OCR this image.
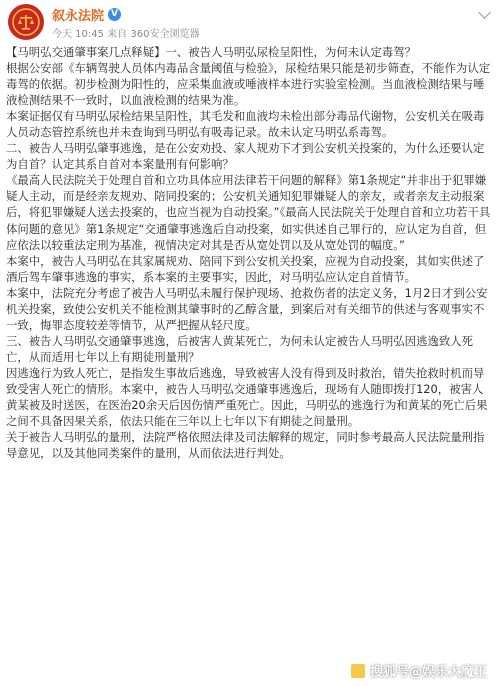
叙永法院 V
今天 10:45 来自 360安全浏览器

【马明弘交通肇事案几点释疑】一、被告人马明弘尿检呈阳性，为何未认定毒驾？

根据公安部《车辆驾驶人员体内毒品含量阈值与检验》，尿检结果只能是初步筛查，不能作为认定毒驾的依据。初步检测为阳性的，应采集血液或唾液样本进行实验室检测。当血液检测结果与唾液检测结果不一致时，以血液检测的结果为准。

本案证据仅有马明弘尿检结果呈阳性，其毛发和血液均未检出部分毒品代谢物，公安机关在吸毒人员动态管控系统也并未查询到马明弘有吸毒记录。故未认定马明弘系毒驾。

二、被告人马明弘肇事逃逸，是在公安劝投、家人规劝下才到公安机关投案的，为什么还要认定为自首？认定其系自首对本案量刑有何影响？

《最高人民法院关于处理自首和立功具体应用法律若干问题的解释》第1条规定“并非出于犯罪嫌疑人主动，而是经亲友规劝、陪同投案的；公安机关通知犯罪嫌疑人的亲友，或者亲友主动报案后，将犯罪嫌疑人送去投案的，也应当视为自动投案。”《最高人民法院关于处理自首和立功若干具体问题的意见》第1条规定“交通肇事逃逸后自动投案，如实供述自己罪行的，应认定为自首，但应依法以较重法定刑为基准，视情决定对其是否从宽处罚以及从宽处罚的幅度。”

本案中，被告人马明弘在其家属规劝、陪同下到公安机关投案，应视为自动投案，其如实供述了酒后驾车肇事逃逸的事实，系本案的主要事实，因此，对马明弘应认定自首情节。

本案中，法院充分考虑了被告人马明弘未履行保护现场、抢救伤者的法定义务，1月2日才到公安机关投案，致使公安机关不能检测其肇事时的乙醇含量，到案后对有关细节的供述与客观事实不一致，悔罪态度较差等情节，从严把握从轻尺度。

三、被告人马明弘交通肇事逃逸，后被害人黄某死亡，为何未认定被告人马明弘因逃逸致人死亡，从而适用七年以上有期徒刑量刑？

因逃逸行为致人死亡，是指发生事故后逃逸，导致被害人没有得到及时救治，错失抢救时机而导致受害人死亡的情形。本案中，被告人马明弘交通肇事逃逸后，现场有人随即拨打120，被害人黄某被及时送医，在医治20余天后因伤情严重死亡。因此，马明弘的逃逸行为和黄某的死亡后果之间不具备因果关系，依法只能在三年以上七年以下有期徒之间量刑。

关于被告人马明弘的量刑，法院严格依照法律及司法解释的规定，同时参考最高人民法院量刑指导意见，以及其他同类案件的量刑，从而依法进行判处。

搜狐号@娱乐大魔王
